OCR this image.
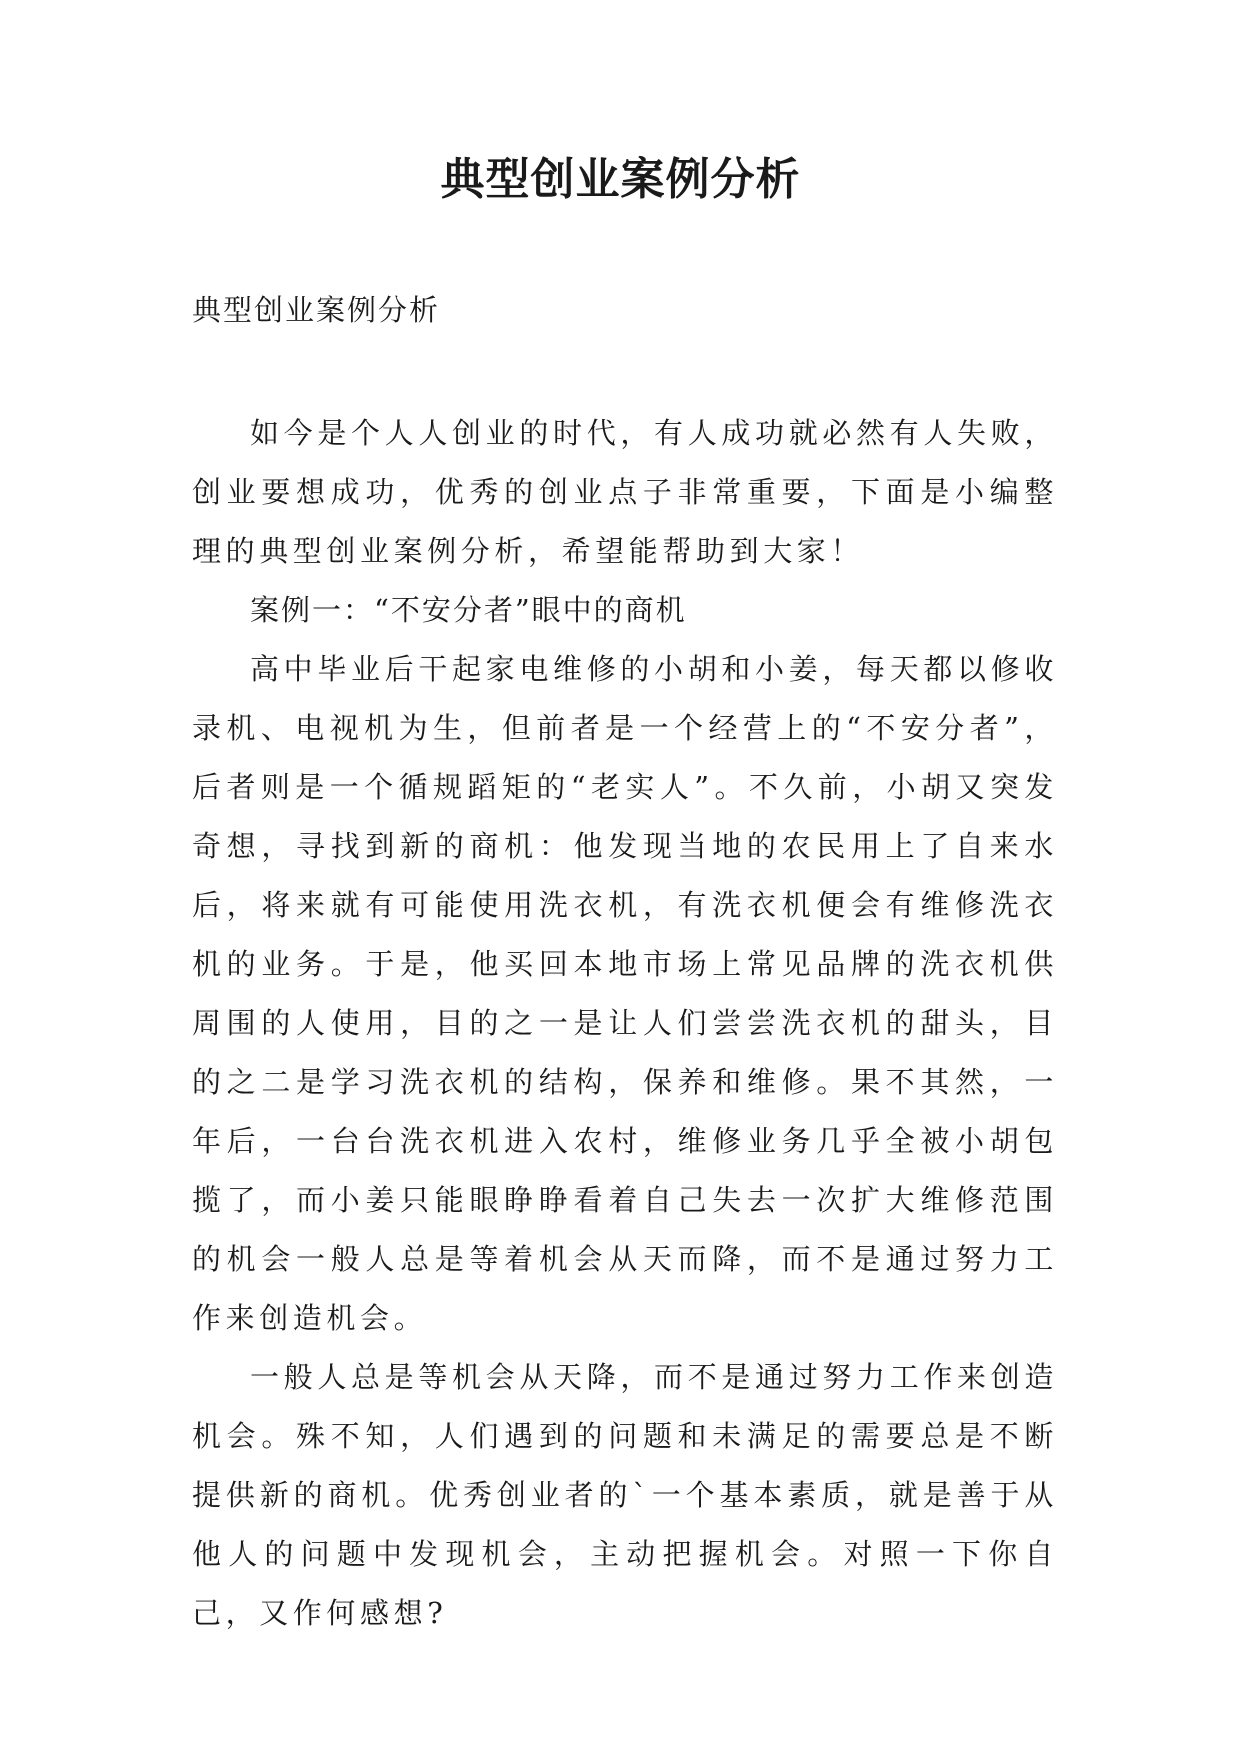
典型创业案例分析

典型创业案例分析

如今是个人人创业的时代，有人成功就必然有人失败，创业要想成功，优秀的创业点子非常重要，下面是小编整理的典型创业案例分析，希望能帮助到大家！

案例一：“不安分者”眼中的商机

高中毕业后干起家电维修的小胡和小姜，每天都以修收录机、电视机为生，但前者是一个经营上的“不安分者”，后者则是一个循规蹈矩的“老实人”。不久前，小胡又突发奇想，寻找到新的商机：他发现当地的农民用上了自来水后，将来就有可能使用洗衣机，有洗衣机便会有维修洗衣机的业务。于是，他买回本地市场上常见品牌的洗衣机供周围的人使用，目的之一是让人们尝尝洗衣机的甜头，目的之二是学习洗衣机的结构，保养和维修。果不其然，一年后，一台台洗衣机进入农村，维修业务几乎全被小胡包揽了，而小姜只能眼睁睁看着自己失去一次扩大维修范围的机会一般人总是等着机会从天而降，而不是通过努力工作来创造机会。

一般人总是等机会从天降，而不是通过努力工作来创造机会。殊不知，人们遇到的问题和未满足的需要总是不断提供新的商机。优秀创业者的`一个基本素质，就是善于从他人的问题中发现机会，主动把握机会。对照一下你自己，又作何感想?
